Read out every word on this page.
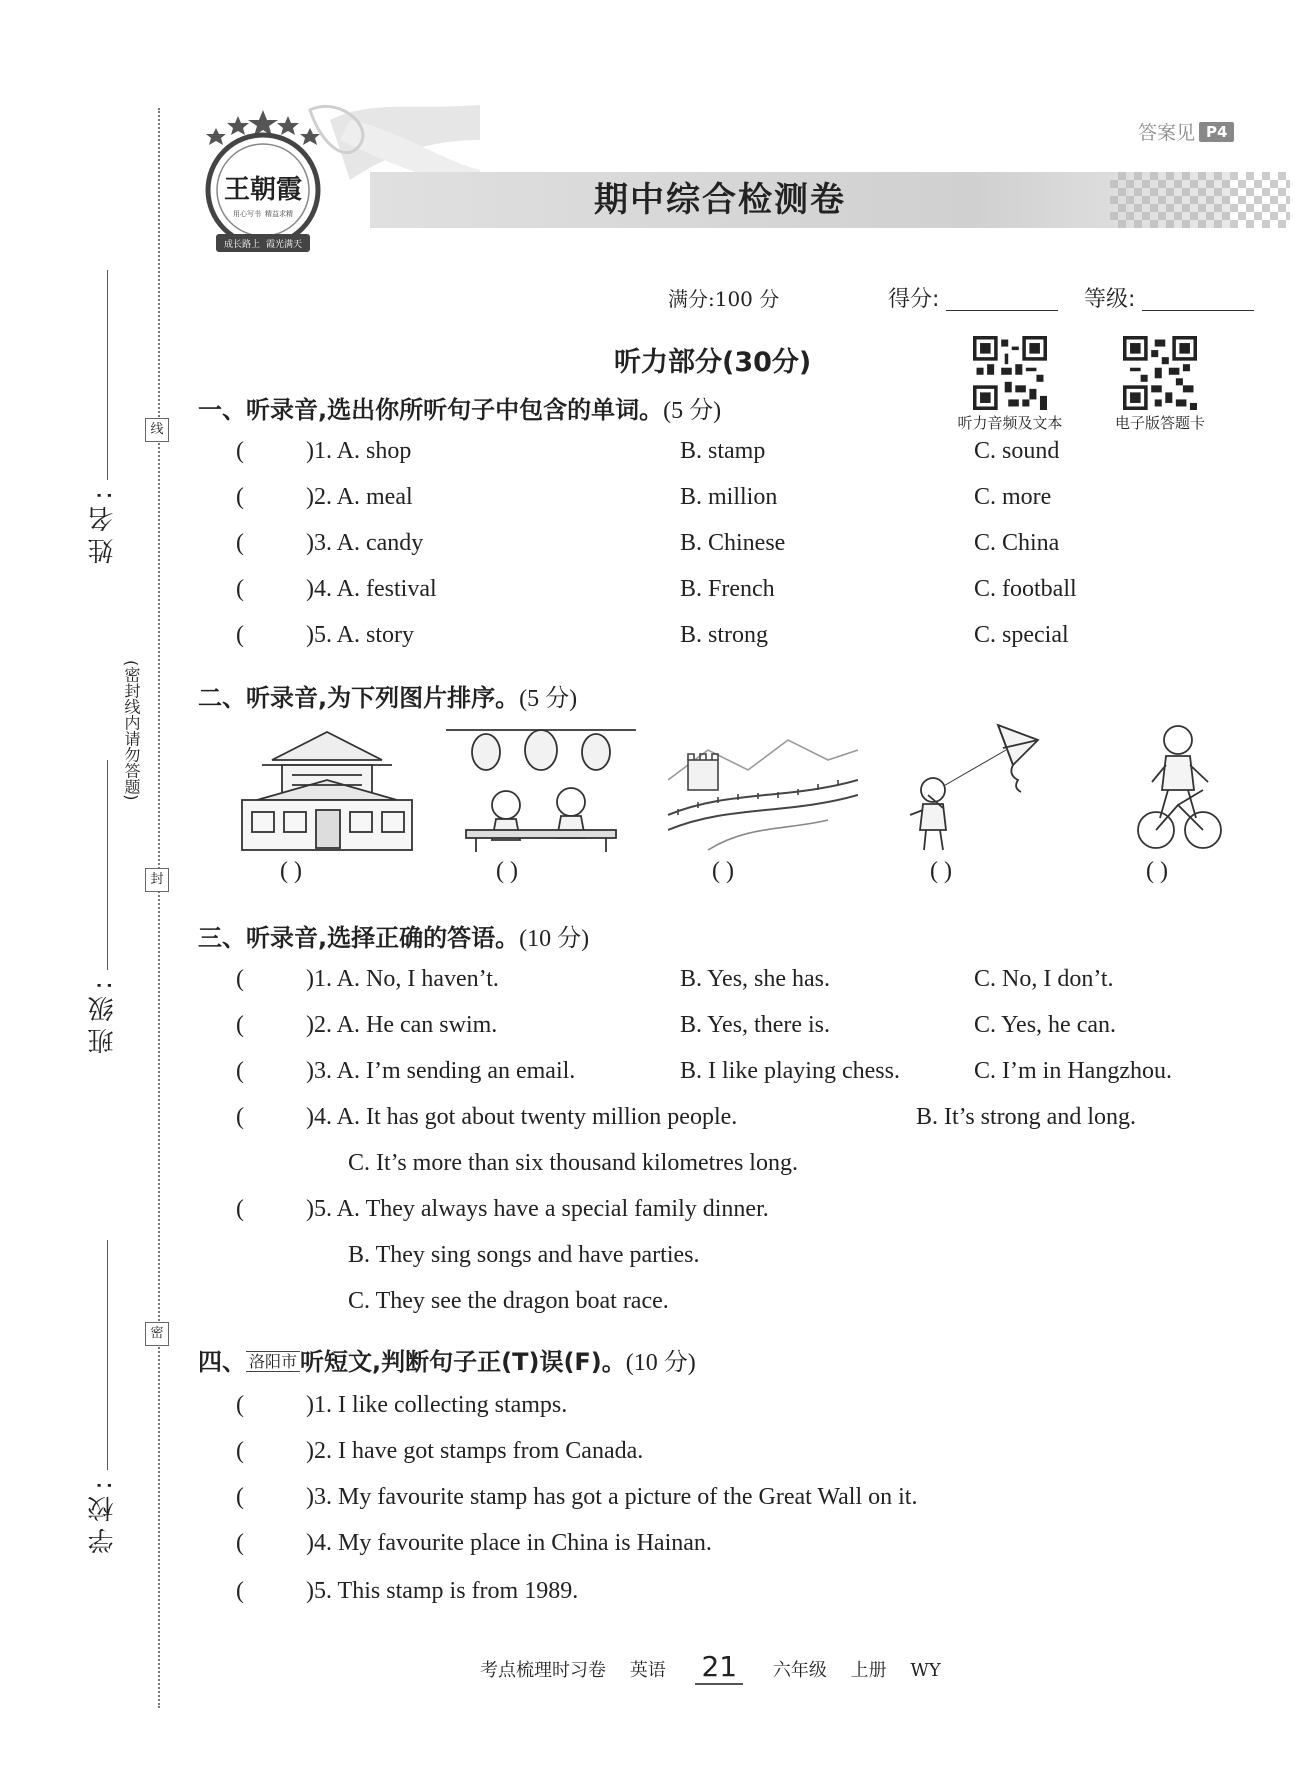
姓名:
班级:
学校:
线
封
密
(密封线内请勿答题)
王朝霞
用心写书 精益求精
成长路上 霞光满天
答案见 P4
期中综合检测卷
满分:100 分	得分:	等级:
听力音频及文本	电子版答题卡
听力部分(30分)
一、听录音,选出你所听句子中包含的单词。(5 分)
(	)1. A. shop	B. stamp	C. sound
(	)2. A. meal	B. million	C. more
(	)3. A. candy	B. Chinese	C. China
(	)4. A. festival	B. French	C. football
(	)5. A. story	B. strong	C. special
二、听录音,为下列图片排序。(5 分)
( )	( )	( )	( )	( )
三、听录音,选择正确的答语。(10 分)
(	)1. A. No, I haven’t.	B. Yes, she has.	C. No, I don’t.
(	)2. A. He can swim.	B. Yes, there is.	C. Yes, he can.
(	)3. A. I’m sending an email.	B. I like playing chess.	C. I’m in Hangzhou.
(	)4. A. It has got about twenty million people.	B. It’s strong and long.
C. It’s more than six thousand kilometres long.
(	)5. A. They always have a special family dinner.
B. They sing songs and have parties.
C. They see the dragon boat race.
四、 洛阳市 听短文,判断句子正(T)误(F)。(10 分)
(	)1. I like collecting stamps.
(	)2. I have got stamps from Canada.
(	)3. My favourite stamp has got a picture of the Great Wall on it.
(	)4. My favourite place in China is Hainan.
(	)5. This stamp is from 1989.
考点梳理时习卷 英语 21 六年级 上册 WY
